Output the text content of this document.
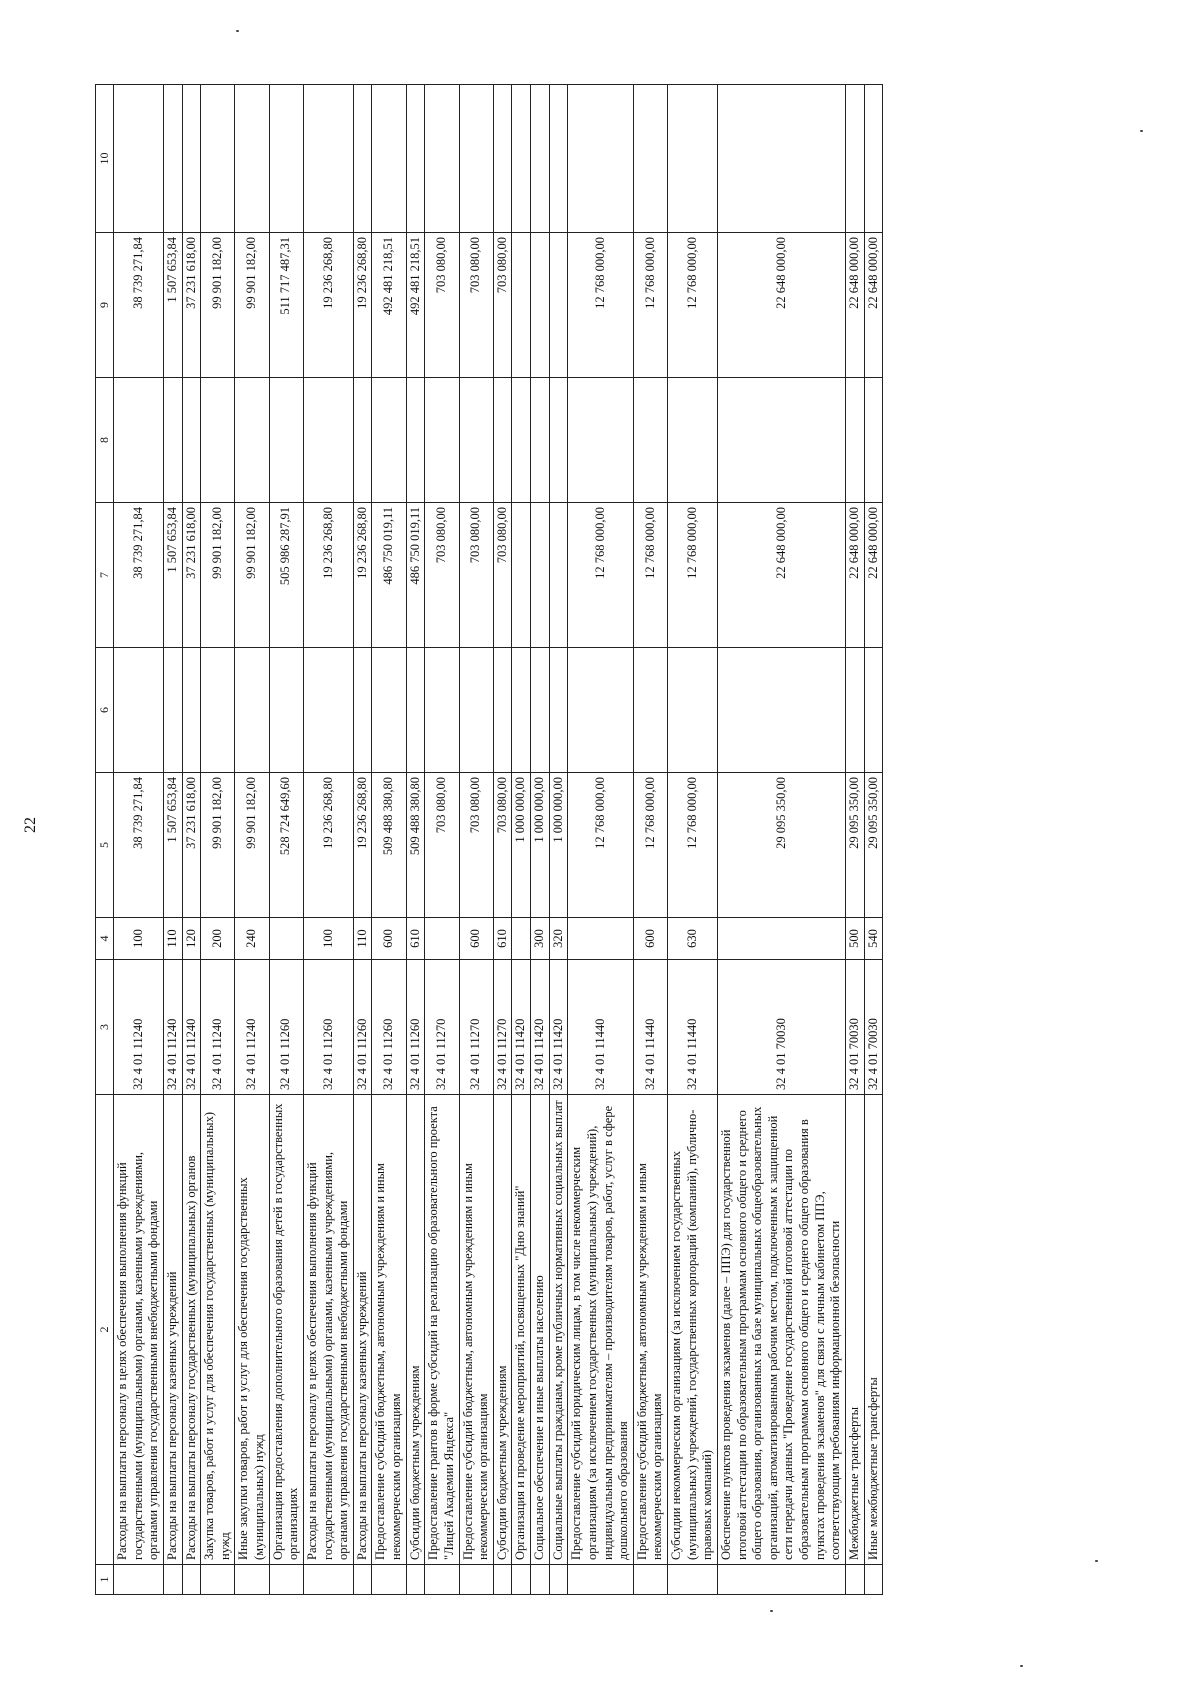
22
1	2	3	4	5	6	7	8	9	10
	Расходы на выплаты персоналу в целях обеспечения выполнения функций государственными (муниципальными) органами, казенными учреждениями, органами управления государственными внебюджетными фондами	32 4 01 11240	100	38 739 271,84		38 739 271,84		38 739 271,84	
	Расходы на выплаты персоналу казенных учреждений	32 4 01 11240	110	1 507 653,84		1 507 653,84		1 507 653,84	
	Расходы на выплаты персоналу государственных (муниципальных) органов	32 4 01 11240	120	37 231 618,00		37 231 618,00		37 231 618,00	
	Закупка товаров, работ и услуг для обеспечения государственных (муниципальных) нужд	32 4 01 11240	200	99 901 182,00		99 901 182,00		99 901 182,00	
	Иные закупки товаров, работ и услуг для обеспечения государственных (муниципальных) нужд	32 4 01 11240	240	99 901 182,00		99 901 182,00		99 901 182,00	
	Организация предоставления дополнительного образования детей в государственных организациях	32 4 01 11260		528 724 649,60		505 986 287,91		511 717 487,31	
	Расходы на выплаты персоналу в целях обеспечения выполнения функций государственными (муниципальными) органами, казенными учреждениями, органами управления государственными внебюджетными фондами	32 4 01 11260	100	19 236 268,80		19 236 268,80		19 236 268,80	
	Расходы на выплаты персоналу казенных учреждений	32 4 01 11260	110	19 236 268,80		19 236 268,80		19 236 268,80	
	Предоставление субсидий бюджетным, автономным учреждениям и иным некоммерческим организациям	32 4 01 11260	600	509 488 380,80		486 750 019,11		492 481 218,51	
	Субсидии бюджетным учреждениям	32 4 01 11260	610	509 488 380,80		486 750 019,11		492 481 218,51	
	Предоставление грантов в форме субсидий на реализацию образовательного проекта "Лицей Академии Яндекса"	32 4 01 11270		703 080,00		703 080,00		703 080,00	
	Предоставление субсидий бюджетным, автономным учреждениям и иным некоммерческим организациям	32 4 01 11270	600	703 080,00		703 080,00		703 080,00	
	Субсидии бюджетным учреждениям	32 4 01 11270	610	703 080,00		703 080,00		703 080,00	
	Организация и проведение мероприятий, посвященных "Дню знаний"	32 4 01 11420		1 000 000,00					
	Социальное обеспечение и иные выплаты населению	32 4 01 11420	300	1 000 000,00					
	Социальные выплаты гражданам, кроме публичных нормативных социальных выплат	32 4 01 11420	320	1 000 000,00					
	Предоставление субсидий юридическим лицам, в том числе некоммерческим организациям (за исключением государственных (муниципальных) учреждений), индивидуальным предпринимателям – производителям товаров, работ, услуг в сфере дошкольного образования	32 4 01 11440		12 768 000,00		12 768 000,00		12 768 000,00	
	Предоставление субсидий бюджетным, автономным учреждениям и иным некоммерческим организациям	32 4 01 11440	600	12 768 000,00		12 768 000,00		12 768 000,00	
	Субсидии некоммерческим организациям (за исключением государственных (муниципальных) учреждений, государственных корпораций (компаний), публично-правовых компаний)	32 4 01 11440	630	12 768 000,00		12 768 000,00		12 768 000,00	
	Обеспечение пунктов проведения экзаменов (далее – ППЭ) для государственной итоговой аттестации по образовательным программам основного общего и среднего общего образования, организованных на базе муниципальных общеобразовательных организаций, автоматизированным рабочим местом, подключенным к защищенной сети передачи данных "Проведение государственной итоговой аттестации по образовательным программам основного общего и среднего общего образования в пунктах проведения экзаменов" для связи с личным кабинетом ППЭ, соответствующим требованиям информационной безопасности	32 4 01 70030		29 095 350,00		22 648 000,00		22 648 000,00	
	Межбюджетные трансферты	32 4 01 70030	500	29 095 350,00		22 648 000,00		22 648 000,00	
	Иные межбюджетные трансферты	32 4 01 70030	540	29 095 350,00		22 648 000,00		22 648 000,00	
